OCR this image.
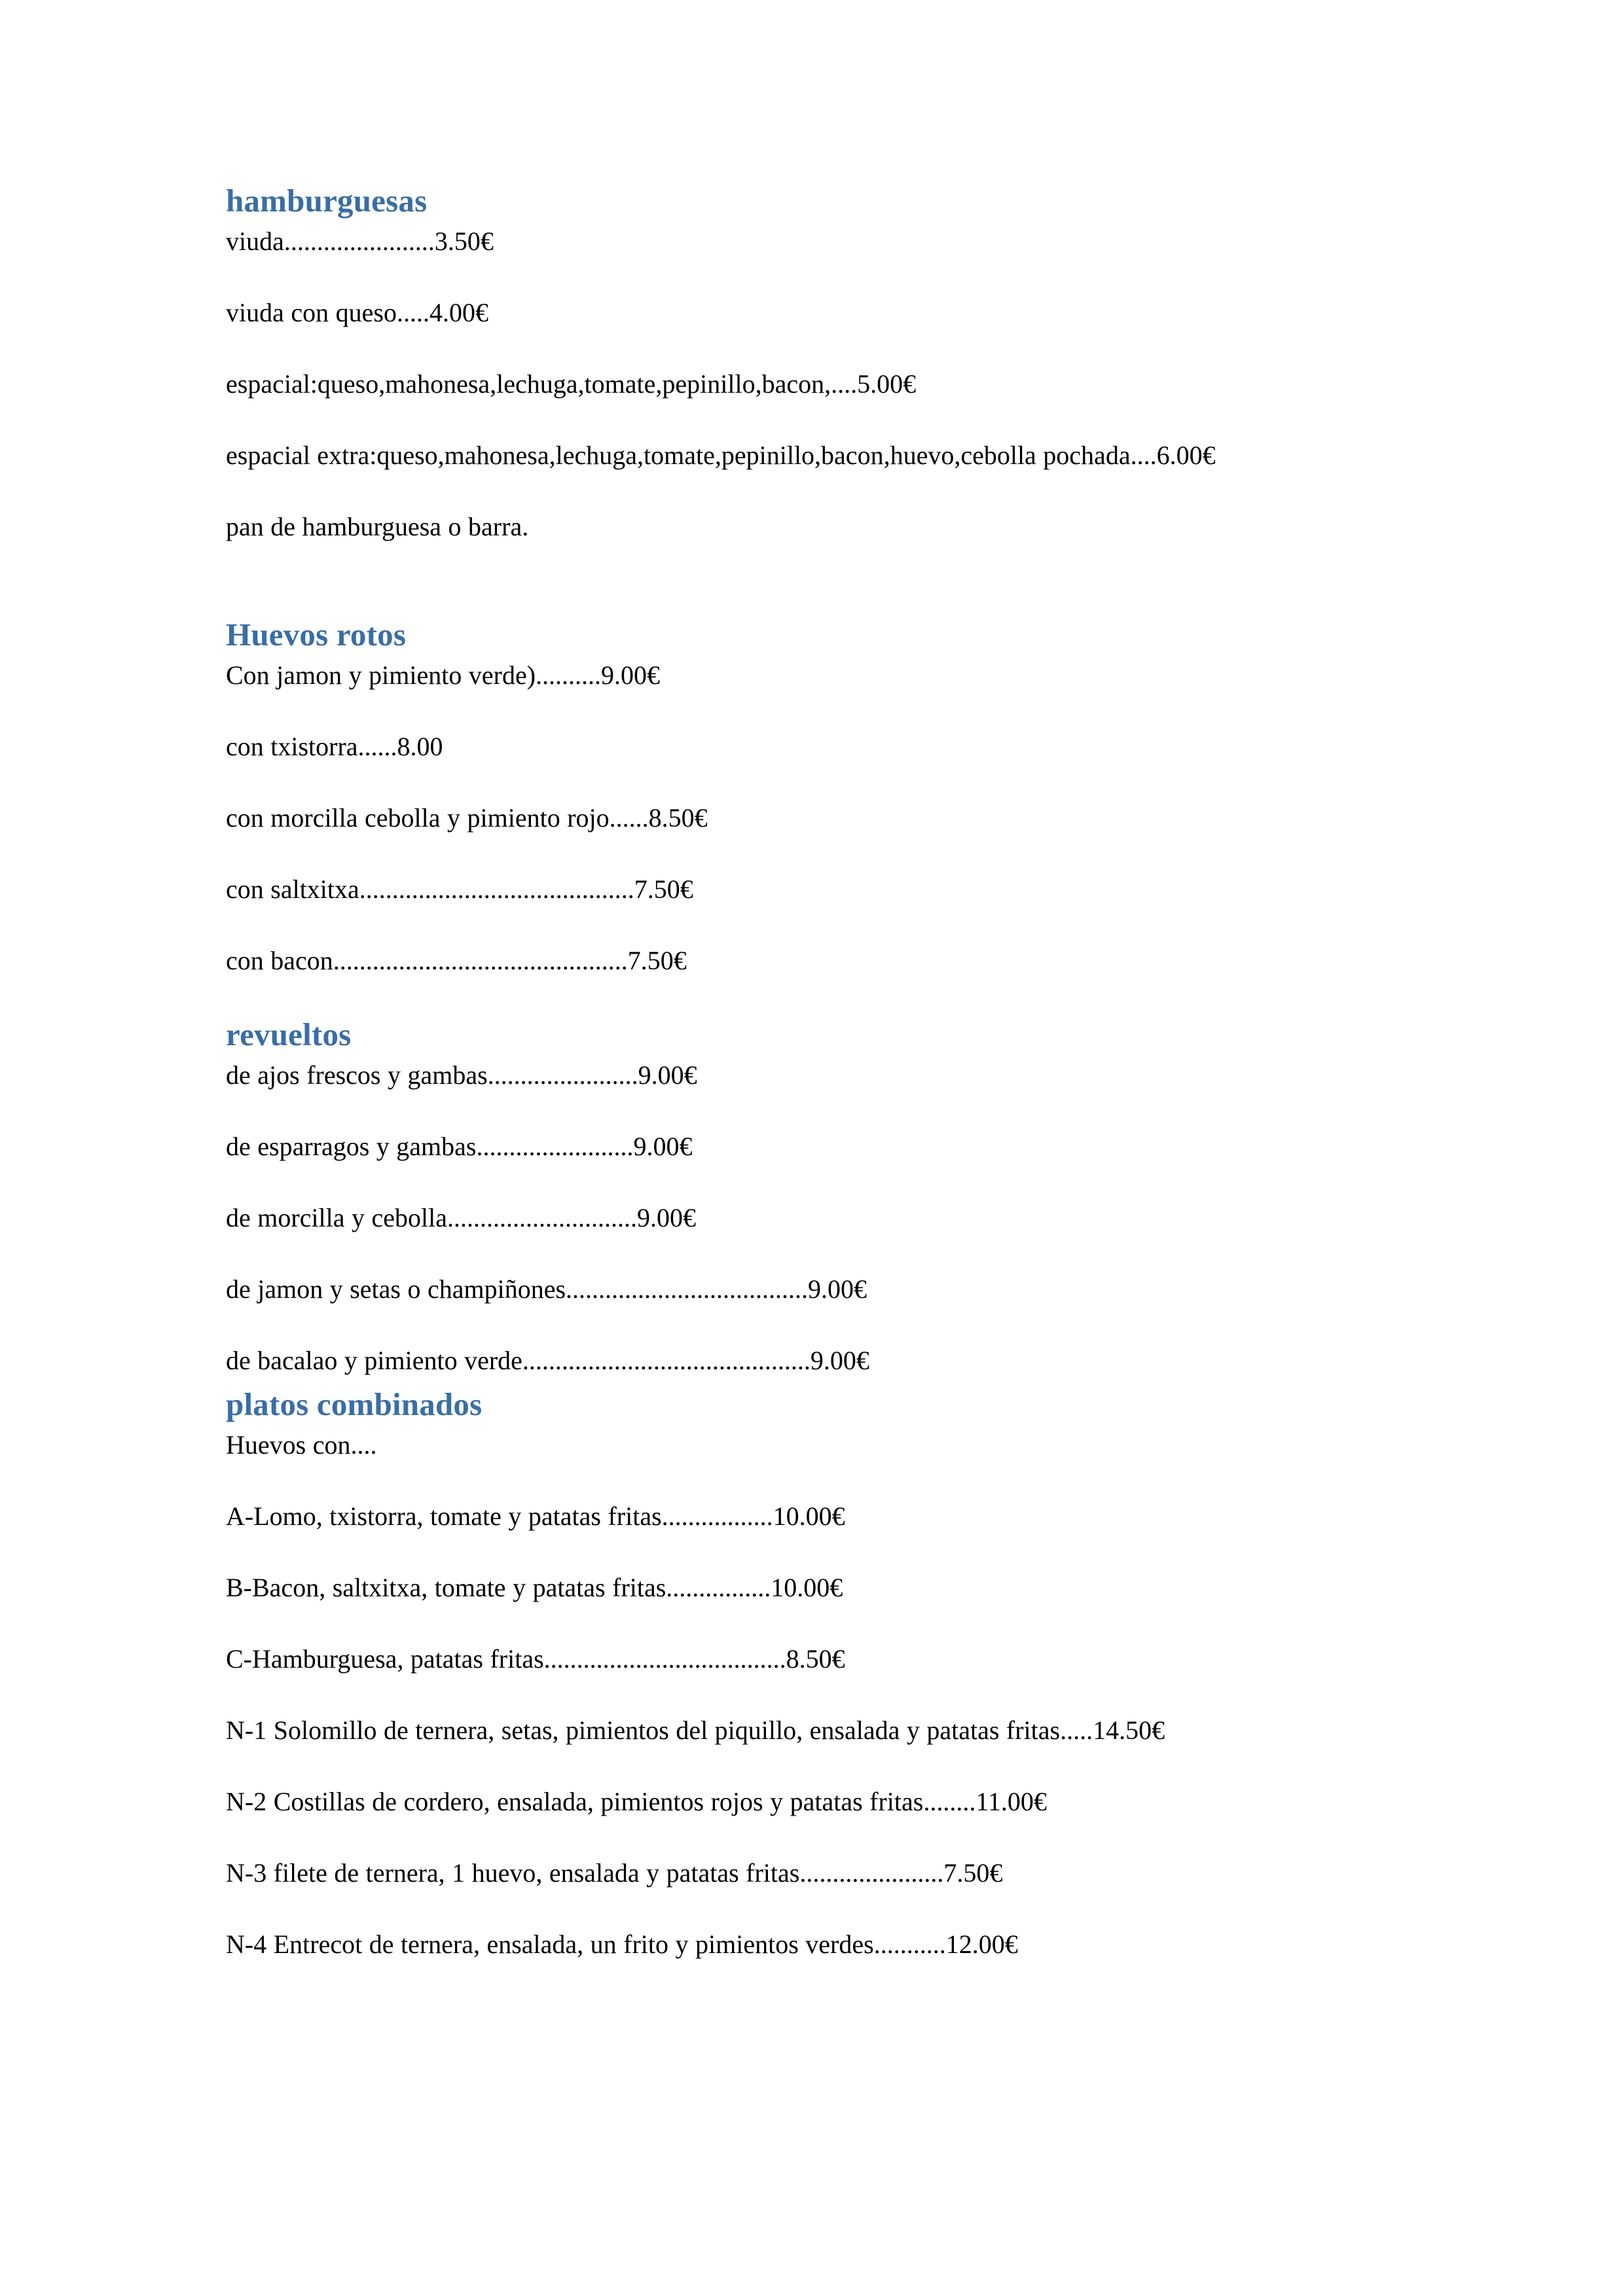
hamburguesas

viuda.......................3.50€

viuda con queso.....4.00€

espacial:queso,mahonesa,lechuga,tomate,pepinillo,bacon,....5.00€

espacial extra:queso,mahonesa,lechuga,tomate,pepinillo,bacon,huevo,cebolla pochada....6.00€

pan de hamburguesa o barra.

Huevos rotos

Con jamon y pimiento verde)..........9.00€

con txistorra......8.00

con morcilla cebolla y pimiento rojo......8.50€

con saltxitxa..........................................7.50€

con bacon.............................................7.50€

revueltos

de ajos frescos y gambas.......................9.00€

de esparragos y gambas........................9.00€

de morcilla y cebolla.............................9.00€

de jamon y setas o champiñones.....................................9.00€

de bacalao y pimiento verde............................................9.00€

platos combinados

Huevos con....

A-Lomo, txistorra, tomate y patatas fritas.................10.00€

B-Bacon, saltxitxa, tomate y patatas fritas................10.00€

C-Hamburguesa, patatas fritas.....................................8.50€

N-1 Solomillo de ternera, setas, pimientos del piquillo, ensalada y patatas fritas.....14.50€

N-2 Costillas de cordero, ensalada, pimientos rojos y patatas fritas........11.00€

N-3 filete de ternera, 1 huevo, ensalada y patatas fritas......................7.50€

N-4 Entrecot de ternera, ensalada, un frito y pimientos verdes...........12.00€
